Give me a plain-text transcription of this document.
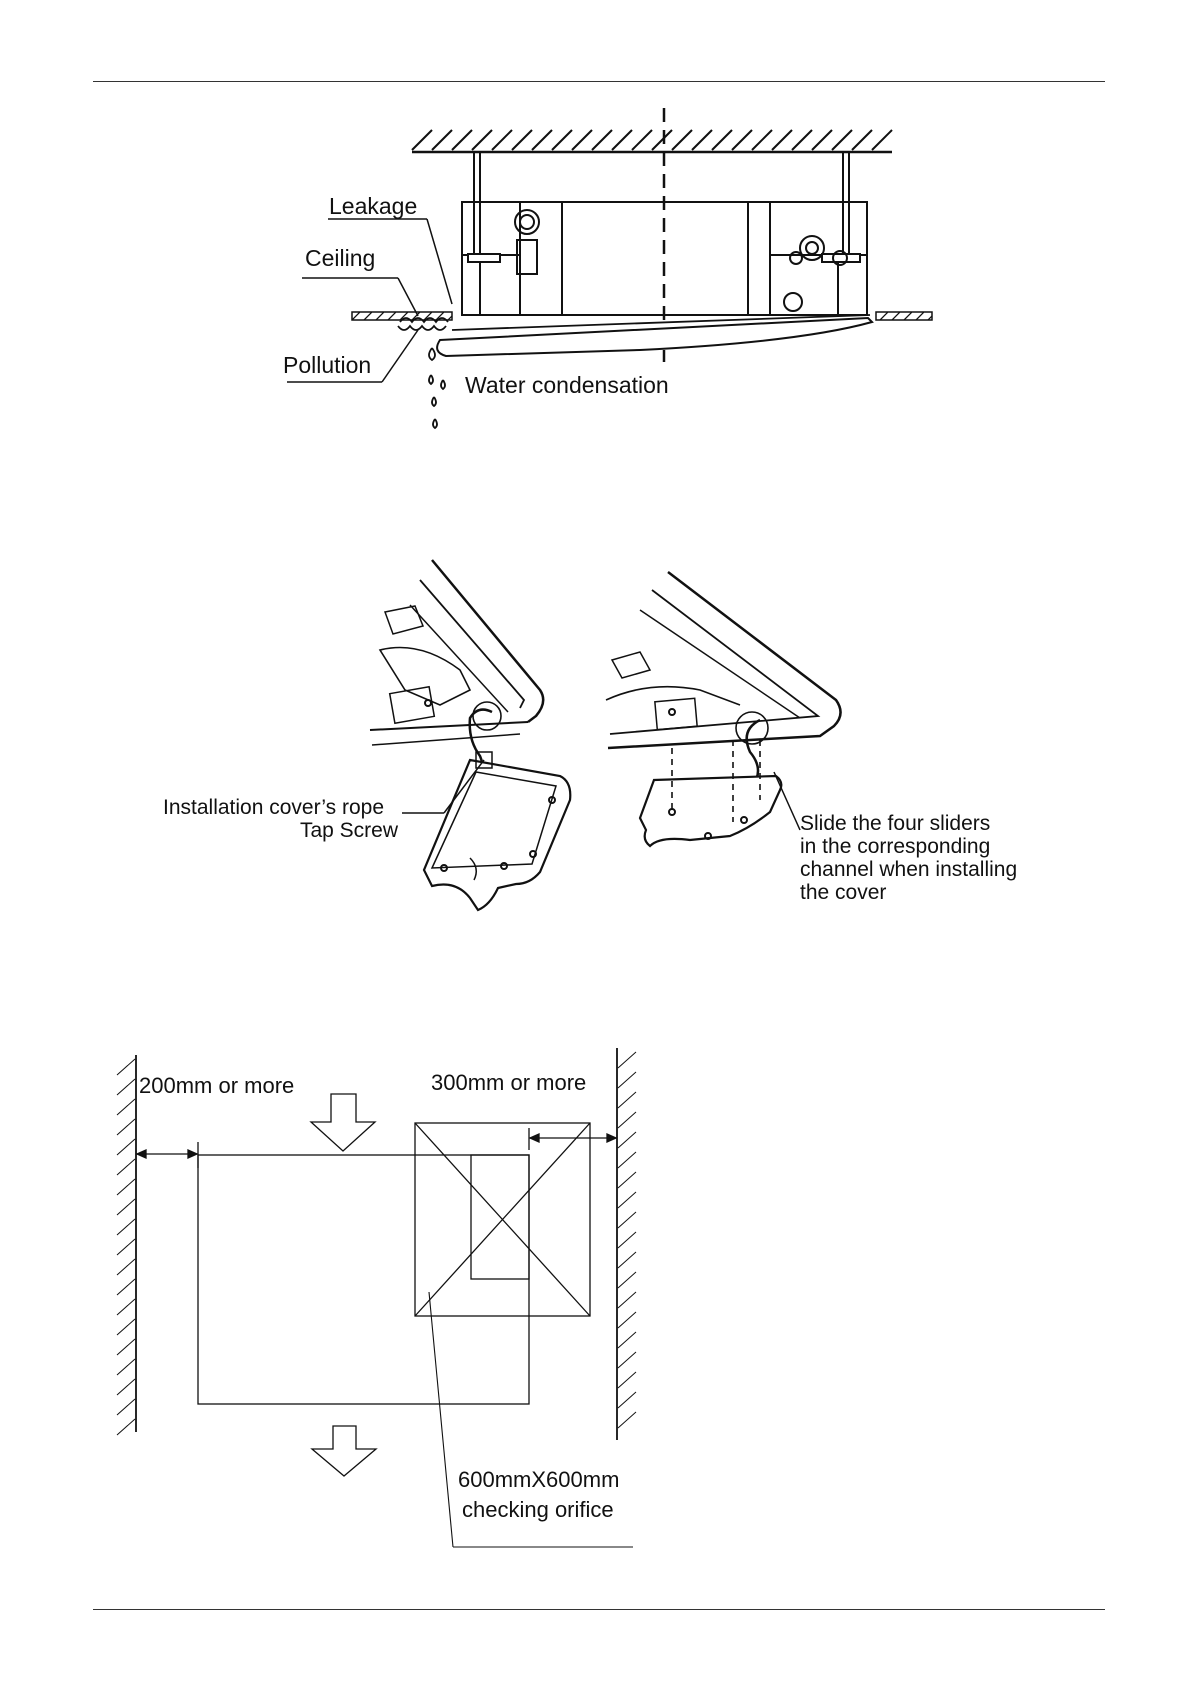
Leakage
Ceiling
Pollution
Water condensation
Installation cover’s rope
Tap Screw	Slide the four sliders
in the corresponding
channel when installing
the cover
200mm or more	300mm or more
600mmX600mm
checking orifice
